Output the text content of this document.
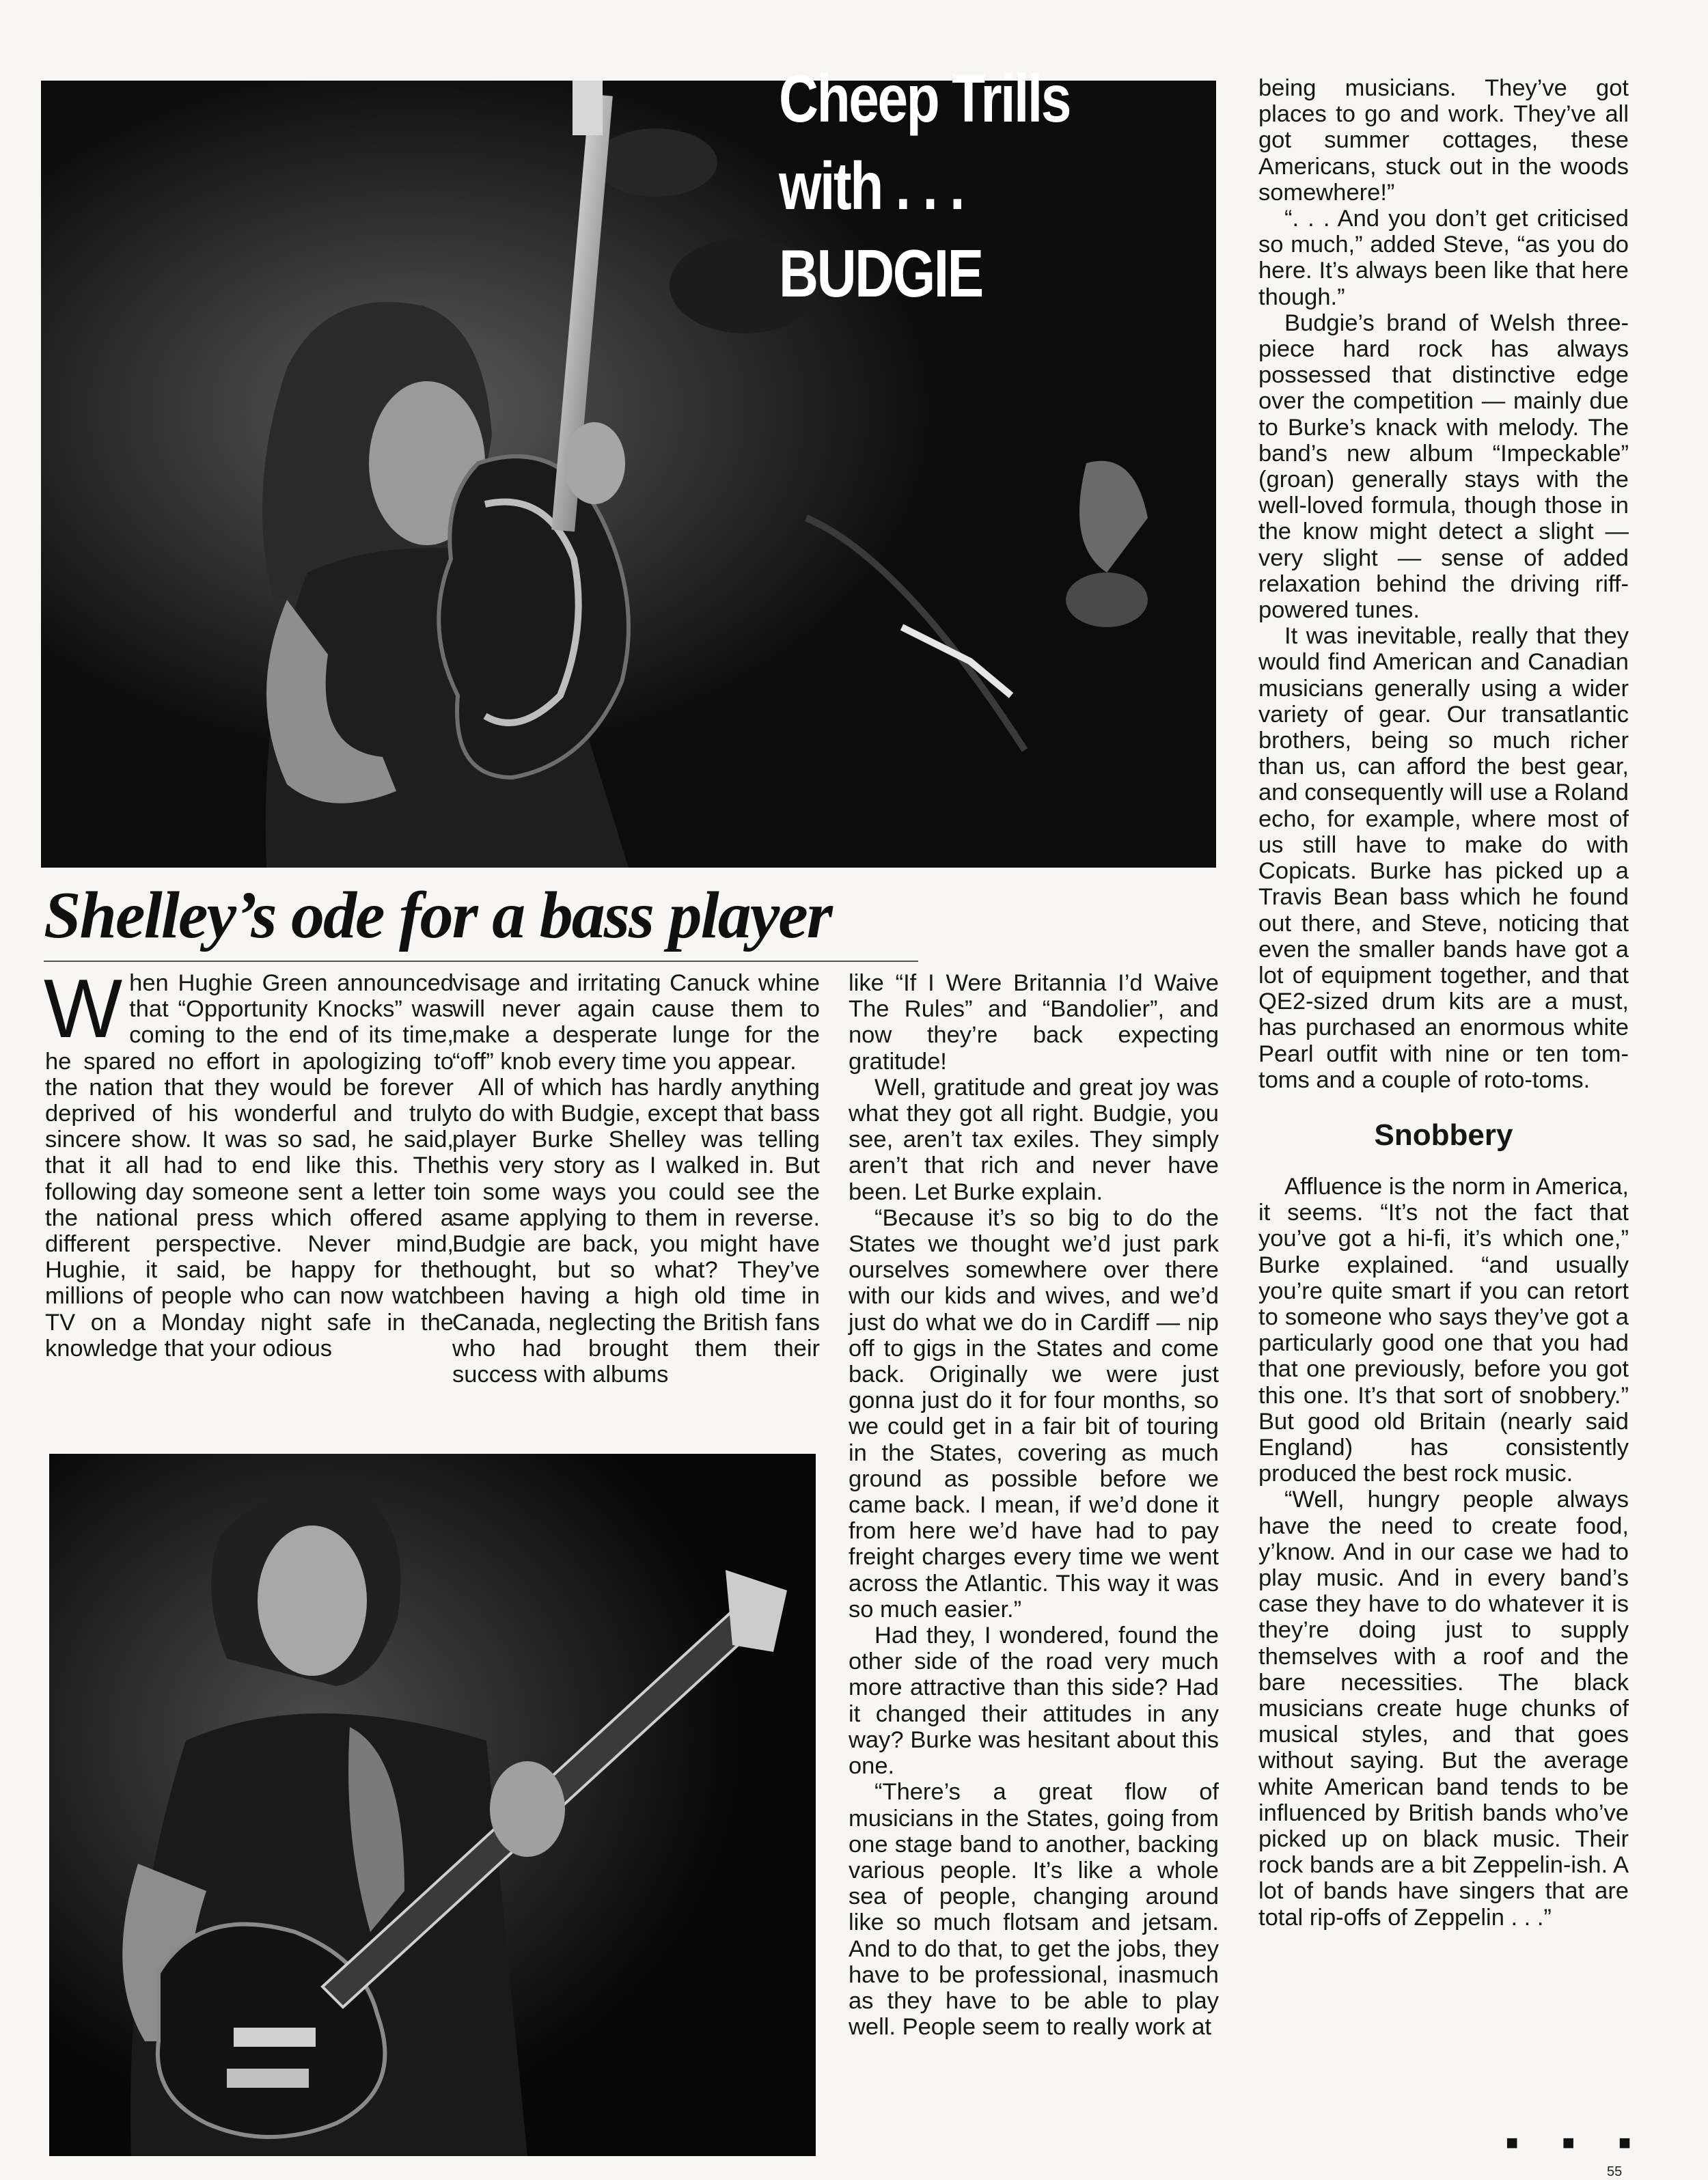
Cheep Trills
with . . .
BUDGIE
Shelley’s ode for a bass player

When Hughie Green announced that “Opportunity Knocks” was coming to the end of its time, he spared no effort in apologizing to the nation that they would be forever deprived of his wonderful and truly sincere show. It was so sad, he said, that it all had to end like this. The following day someone sent a letter to the national press which offered a different perspective. Never mind, Hughie, it said, be happy for the millions of people who can now watch TV on a Monday night safe in the knowledge that your odious

visage and irritating Canuck whine will never again cause them to make a desperate lunge for the “off” knob every time you appear.

All of which has hardly anything to do with Budgie, except that bass player Burke Shelley was telling this very story as I walked in. But in some ways you could see the same applying to them in reverse. Budgie are back, you might have thought, but so what? They’ve been having a high old time in Canada, neglecting the British fans who had brought them their success with albums

like “If I Were Britannia I’d Waive The Rules” and “Bandolier”, and now they’re back expecting gratitude!

Well, gratitude and great joy was what they got all right. Budgie, you see, aren’t tax exiles. They simply aren’t that rich and never have been. Let Burke explain.

“Because it’s so big to do the States we thought we’d just park ourselves somewhere over there with our kids and wives, and we’d just do what we do in Cardiff — nip off to gigs in the States and come back. Originally we were just gonna just do it for four months, so we could get in a fair bit of touring in the States, covering as much ground as possible before we came back. I mean, if we’d done it from here we’d have had to pay freight charges every time we went across the Atlantic. This way it was so much easier.”

Had they, I wondered, found the other side of the road very much more attractive than this side? Had it changed their attitudes in any way? Burke was hesitant about this one.

“There’s a great flow of musicians in the States, going from one stage band to another, backing various people. It’s like a whole sea of people, changing around like so much flotsam and jetsam. And to do that, to get the jobs, they have to be professional, inasmuch as they have to be able to play well. People seem to really work at

being musicians. They’ve got places to go and work. They’ve all got summer cottages, these Americans, stuck out in the woods somewhere!”

“. . . And you don’t get criticised so much,” added Steve, “as you do here. It’s always been like that here though.”

Budgie’s brand of Welsh three-piece hard rock has always possessed that distinctive edge over the competition — mainly due to Burke’s knack with melody. The band’s new album “Impeckable” (groan) generally stays with the well-loved formula, though those in the know might detect a slight — very slight — sense of added relaxation behind the driving riff-powered tunes.

It was inevitable, really that they would find American and Canadian musicians generally using a wider variety of gear. Our transatlantic brothers, being so much richer than us, can afford the best gear, and consequently will use a Roland echo, for example, where most of us still have to make do with Copicats. Burke has picked up a Travis Bean bass which he found out there, and Steve, noticing that even the smaller bands have got a lot of equipment together, and that QE2-sized drum kits are a must, has purchased an enormous white Pearl outfit with nine or ten tom-toms and a couple of roto-toms.

Snobbery

Affluence is the norm in America, it seems. “It’s not the fact that you’ve got a hi-fi, it’s which one,” Burke explained. “and usually you’re quite smart if you can retort to someone who says they’ve got a particularly good one that you had that one previously, before you got this one. It’s that sort of snobbery.” But good old Britain (nearly said England) has consistently produced the best rock music.

“Well, hungry people always have the need to create food, y’know. And in our case we had to play music. And in every band’s case they have to do whatever it is they’re doing just to supply themselves with a roof and the bare necessities. The black musicians create huge chunks of musical styles, and that goes without saying. But the average white American band tends to be influenced by British bands who’ve picked up on black music. Their rock bands are a bit Zeppelin-ish. A lot of bands have singers that are total rip-offs of Zeppelin . . .”

■ ■ ■
55
